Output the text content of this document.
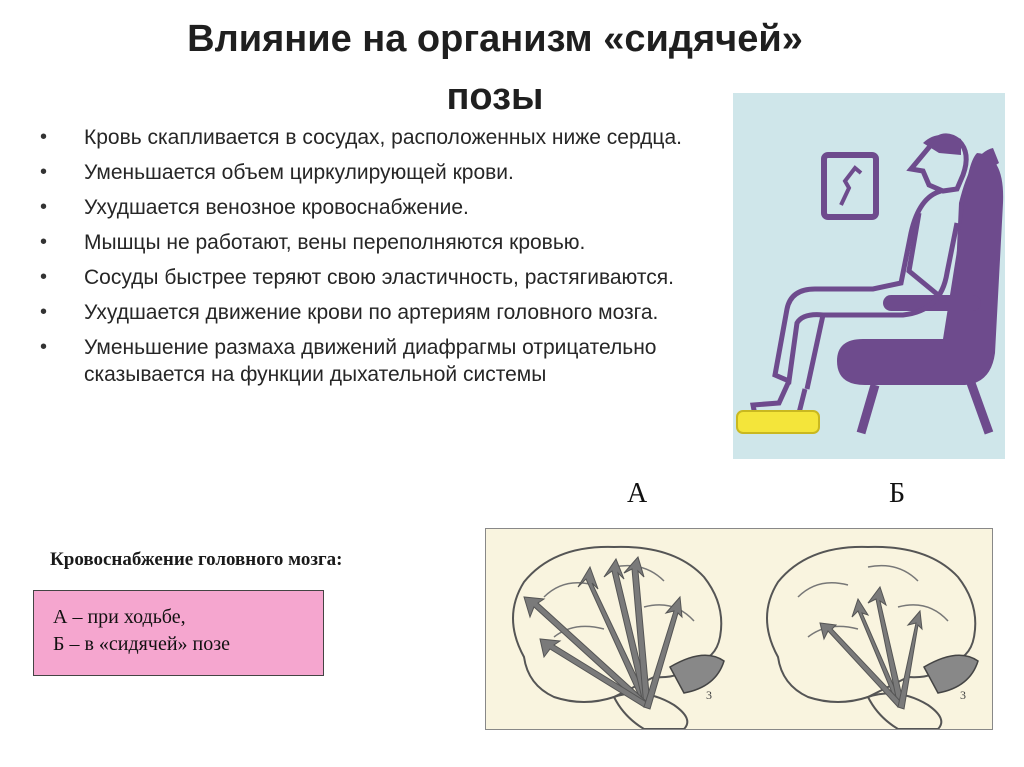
Влияние на организм «сидячей»
позы
• Кровь скапливается в сосудах, расположенных ниже сердца.
• Уменьшается объем циркулирующей крови.
• Ухудшается венозное кровоснабжение.
• Мышцы не работают, вены переполняются кровью.
• Сосуды быстрее теряют свою эластичность, растягиваются.
• Ухудшается движение крови по артериям головного мозга.
• Уменьшение размаха движений диафрагмы отрицательно сказывается на функции дыхательной системы
А	Б
Кровоснабжение головного мозга:
А – при ходьбе,
Б – в «сидячей» позе
3	3
